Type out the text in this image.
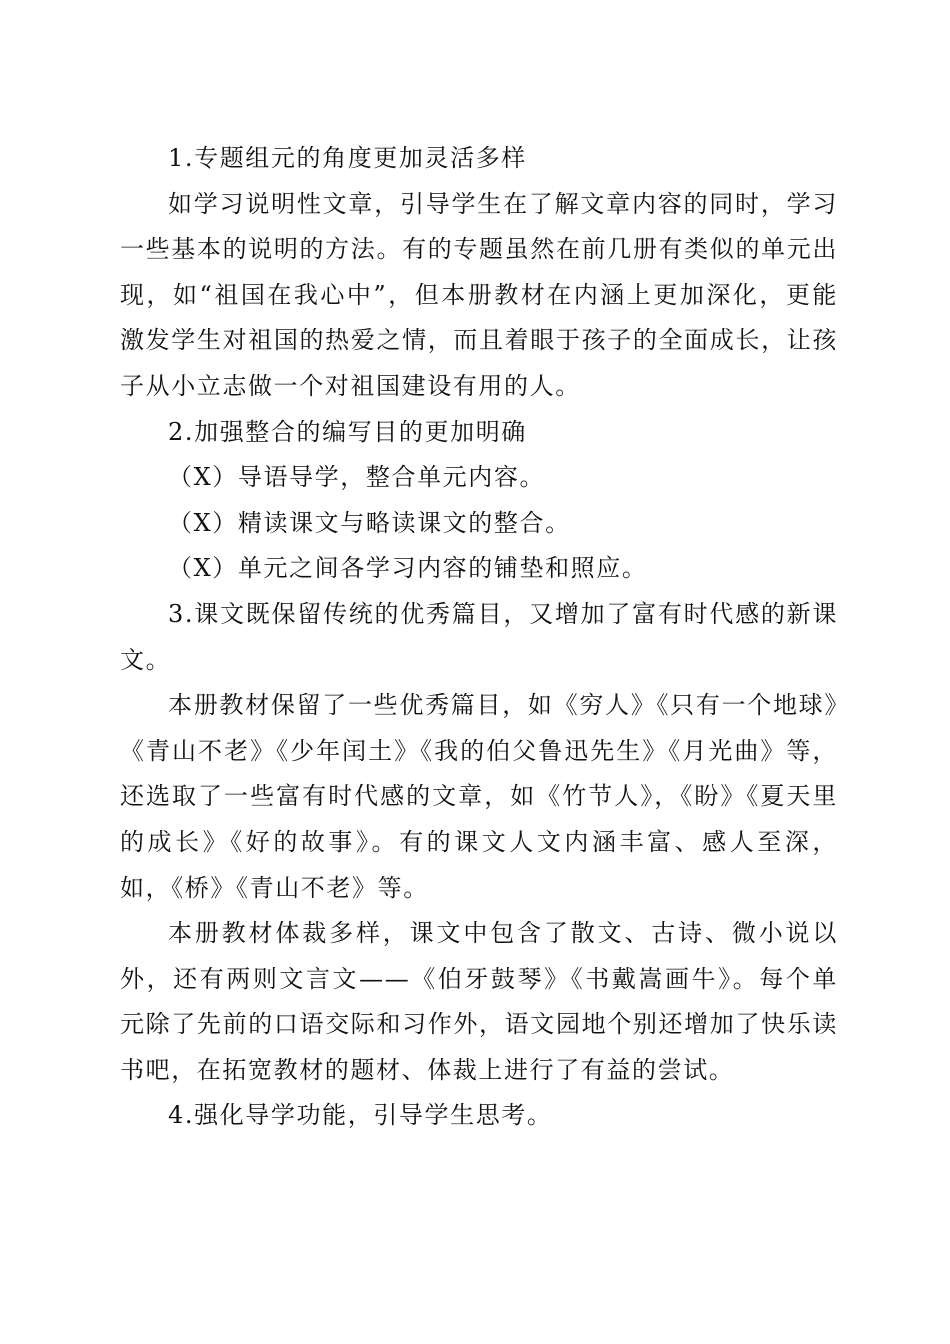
1.专题组元的角度更加灵活多样

如学习说明性文章，引导学生在了解文章内容的同时，学习一些基本的说明的方法。有的专题虽然在前几册有类似的单元出现，如“祖国在我心中”，但本册教材在内涵上更加深化，更能激发学生对祖国的热爱之情，而且着眼于孩子的全面成长，让孩子从小立志做一个对祖国建设有用的人。

2.加强整合的编写目的更加明确

（X）导语导学，整合单元内容。

（X）精读课文与略读课文的整合。

（X）单元之间各学习内容的铺垫和照应。

3.课文既保留传统的优秀篇目，又增加了富有时代感的新课文。

本册教材保留了一些优秀篇目，如《穷人》《只有一个地球》《青山不老》《少年闰土》《我的伯父鲁迅先生》《月光曲》等，还选取了一些富有时代感的文章，如《竹节人》，《盼》《夏天里的成长》《好的故事》。有的课文人文内涵丰富、感人至深，如，《桥》《青山不老》等。

本册教材体裁多样，课文中包含了散文、古诗、微小说以外，还有两则文言文——《伯牙鼓琴》《书戴嵩画牛》。每个单元除了先前的口语交际和习作外，语文园地个别还增加了快乐读书吧，在拓宽教材的题材、体裁上进行了有益的尝试。

4.强化导学功能，引导学生思考。
